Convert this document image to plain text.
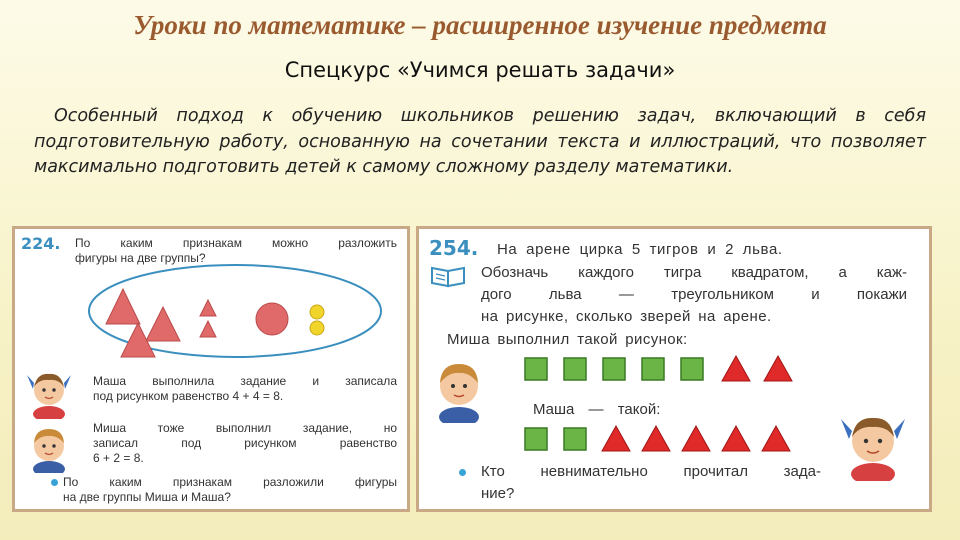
Уроки по математике – расширенное изучение предмета
Спецкурс «Учимся решать задачи»
Особенный подход к обучению школьников решению задач, включающий в себя подготовительную работу, основанную на сочетании текста и иллюстраций, что позволяет максимально подготовить детей к самому сложному разделу математики.
224. По каким признакам можно разложить
фигуры на две группы?
Маша выполнила задание и записала
под рисунком равенство 4 + 4 = 8.
Миша тоже выполнил задание, но
записал под рисунком равенство
6 + 2 = 8.
По каким признакам разложили фигуры
на две группы Миша и Маша?
254. На арене цирка 5 тигров и 2 льва.
Обозначь каждого тигра квадратом, а каж-
дого льва — треугольником и покажи
на рисунке, сколько зверей на арене.
Миша выполнил такой рисунок:
Маша — такой:
Кто невнимательно прочитал зада-
ние?
